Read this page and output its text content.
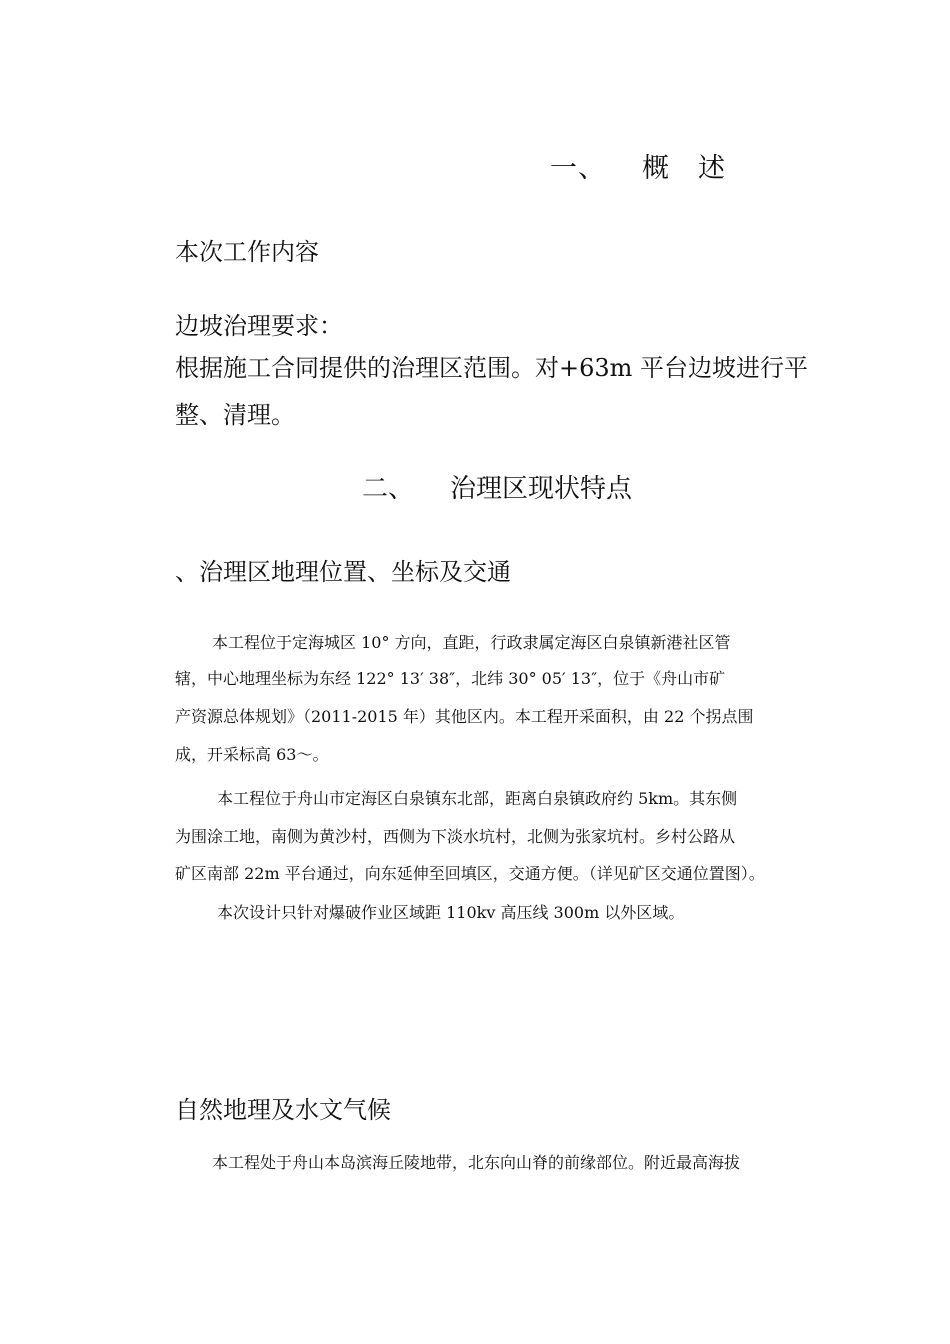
一、 概　述
本次工作内容
边坡治理要求：
根据施工合同提供的治理区范围。对+63m 平台边坡进行平
整、清理。
二、 治理区现状特点
、治理区地理位置、坐标及交通
本工程位于定海城区 10° 方向，直距，行政隶属定海区白泉镇新港社区管
辖，中心地理坐标为东经 122° 13′ 38″，北纬 30° 05′ 13″，位于《舟山市矿
产资源总体规划》（2011-2015 年）其他区内。本工程开采面积，由 22 个拐点围
成，开采标高 63～。
本工程位于舟山市定海区白泉镇东北部，距离白泉镇政府约 5km。其东侧
为围涂工地，南侧为黄沙村，西侧为下淡水坑村，北侧为张家坑村。乡村公路从
矿区南部 22m 平台通过，向东延伸至回填区，交通方便。（详见矿区交通位置图）。
本次设计只针对爆破作业区域距 110kv 高压线 300m 以外区域。
自然地理及水文气候
本工程处于舟山本岛滨海丘陵地带，北东向山脊的前缘部位。附近最高海拔
